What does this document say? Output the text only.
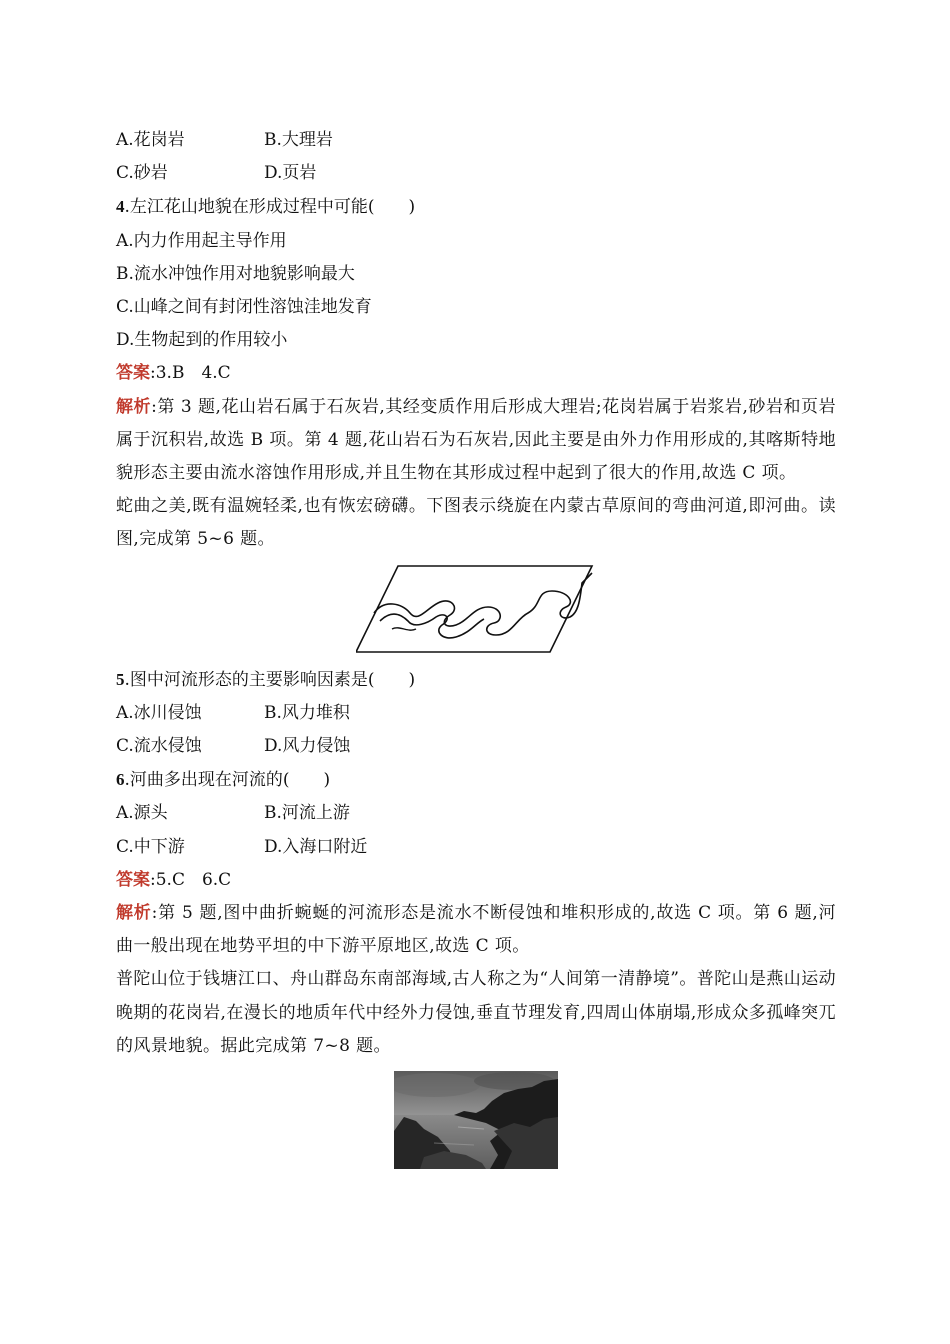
A.花岗岩	B.大理岩
C.砂岩	D.页岩
4.左江花山地貌在形成过程中可能(　　)
A.内力作用起主导作用
B.流水冲蚀作用对地貌影响最大
C.山峰之间有封闭性溶蚀洼地发育
D.生物起到的作用较小
答案:3.B　4.C
解析:第 3 题,花山岩石属于石灰岩,其经变质作用后形成大理岩;花岗岩属于岩浆岩,砂岩和页岩属于沉积岩,故选 B 项。第 4 题,花山岩石为石灰岩,因此主要是由外力作用形成的,其喀斯特地貌形态主要由流水溶蚀作用形成,并且生物在其形成过程中起到了很大的作用,故选 C 项。
蛇曲之美,既有温婉轻柔,也有恢宏磅礴。下图表示绕旋在内蒙古草原间的弯曲河道,即河曲。读图,完成第 5~6 题。
5.图中河流形态的主要影响因素是(　　)
A.冰川侵蚀	B.风力堆积
C.流水侵蚀	D.风力侵蚀
6.河曲多出现在河流的(　　)
A.源头	B.河流上游
C.中下游	D.入海口附近
答案:5.C　6.C
解析:第 5 题,图中曲折蜿蜒的河流形态是流水不断侵蚀和堆积形成的,故选 C 项。第 6 题,河曲一般出现在地势平坦的中下游平原地区,故选 C 项。
普陀山位于钱塘江口、舟山群岛东南部海域,古人称之为“人间第一清静境”。普陀山是燕山运动晚期的花岗岩,在漫长的地质年代中经外力侵蚀,垂直节理发育,四周山体崩塌,形成众多孤峰突兀的风景地貌。据此完成第 7~8 题。
